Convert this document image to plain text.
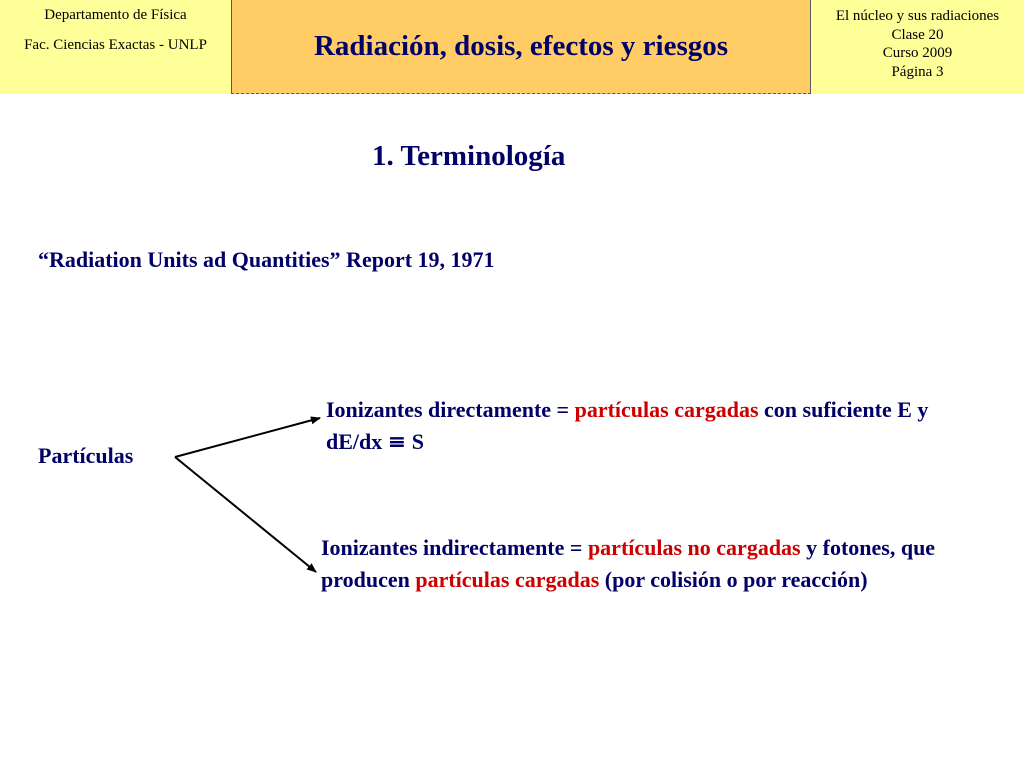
Departamento de Física
Fac. Ciencias Exactas - UNLP	Radiación, dosis, efectos y riesgos
El núcleo y sus radiaciones
Clase 20
Curso 2009
Página 3
1. Terminología
“Radiation Units ad Quantities” Report 19, 1971
Partículas
Ionizantes directamente = partículas cargadas con suficiente E y dE/dx ≡ S
Ionizantes indirectamente = partículas no cargadas y fotones, que producen partículas cargadas (por colisión o por reacción)
